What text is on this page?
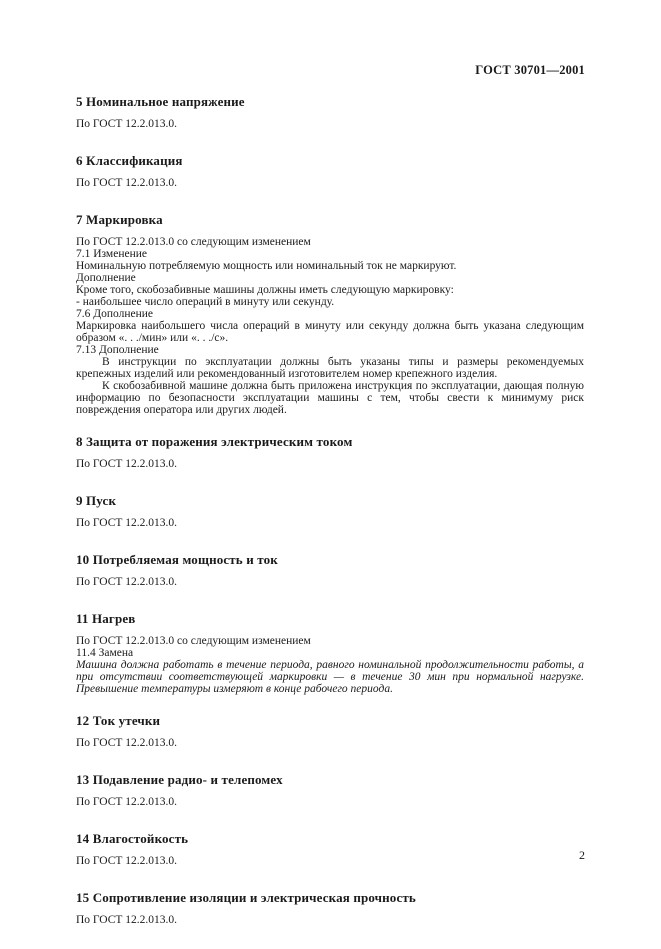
ГОСТ 30701—2001
5 Номинальное напряжение
По ГОСТ 12.2.013.0.
6 Классификация
По ГОСТ 12.2.013.0.
7 Маркировка
По ГОСТ 12.2.013.0 со следующим изменением
7.1 Изменение
Номинальную потребляемую мощность или номинальный ток не маркируют.
Дополнение
Кроме того, скобозабивные машины должны иметь следующую маркировку:
- наибольшее число операций в минуту или секунду.
7.6 Дополнение
Маркировка наибольшего числа операций в минуту или секунду должна быть указана следующим образом «. . ./мин» или «. . ./с».
7.13 Дополнение
В инструкции по эксплуатации должны быть указаны типы и размеры рекомендуемых крепежных изделий или рекомендованный изготовителем номер крепежного изделия.
К скобозабивной машине должна быть приложена инструкция по эксплуатации, дающая полную информацию по безопасности эксплуатации машины с тем, чтобы свести к минимуму риск повреждения оператора или других людей.
8 Защита от поражения электрическим током
По ГОСТ 12.2.013.0.
9 Пуск
По ГОСТ 12.2.013.0.
10 Потребляемая мощность и ток
По ГОСТ 12.2.013.0.
11 Нагрев
По ГОСТ 12.2.013.0 со следующим изменением
11.4 Замена
Машина должна работать в течение периода, равного номинальной продолжительности работы, а при отсутствии соответствующей маркировки — в течение 30 мин при нормальной нагрузке. Превышение температуры измеряют в конце рабочего периода.
12 Ток утечки
По ГОСТ 12.2.013.0.
13 Подавление радио- и телепомех
По ГОСТ 12.2.013.0.
14 Влагостойкость
По ГОСТ 12.2.013.0.
15 Сопротивление изоляции и электрическая прочность
По ГОСТ 12.2.013.0.
2
